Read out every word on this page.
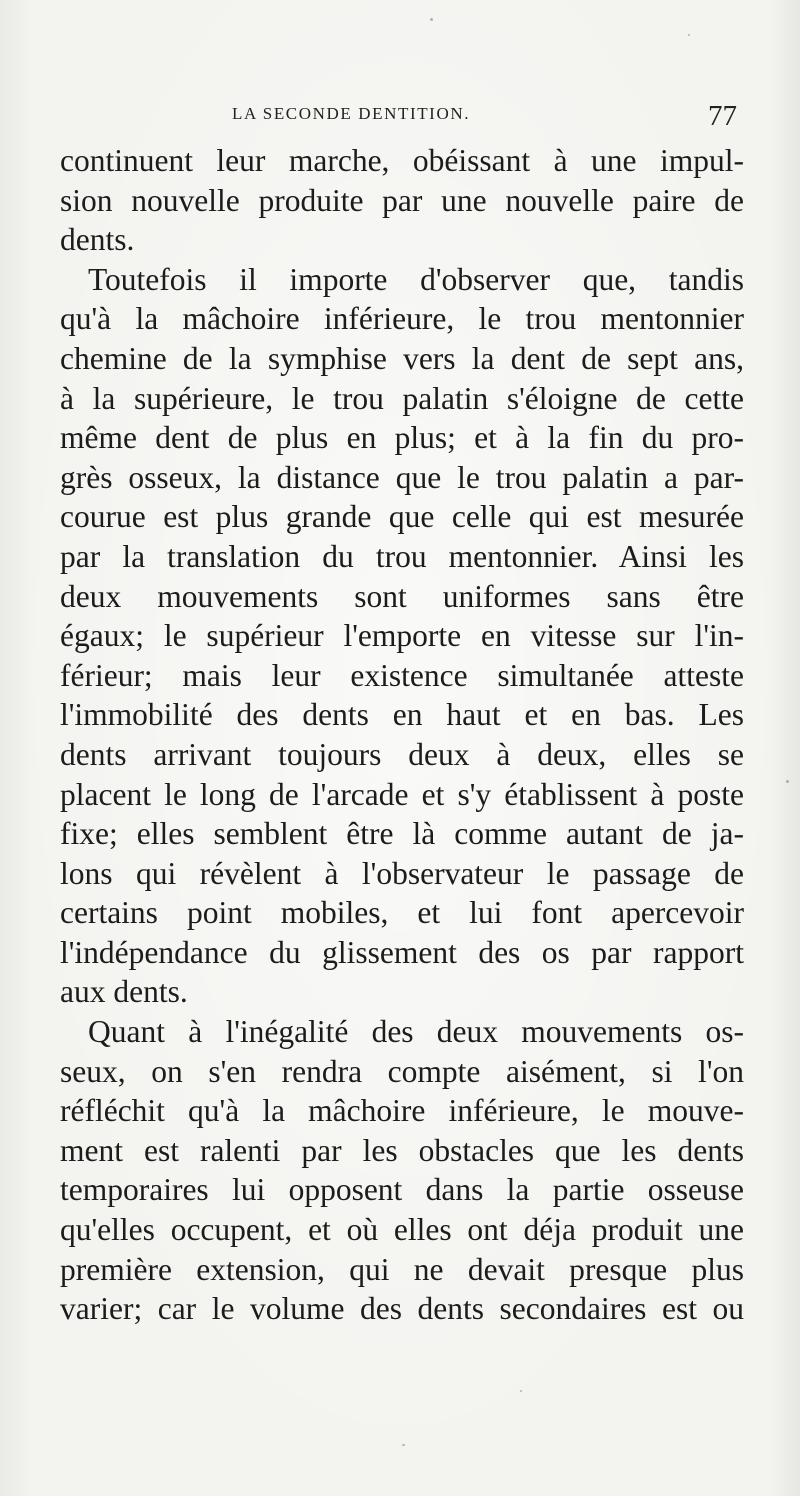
LA SECONDE DENTITION.	77
continuent leur marche, obéissant à une impul-
sion nouvelle produite par une nouvelle paire de
dents.
Toutefois il importe d'observer que, tandis
qu'à la mâchoire inférieure, le trou mentonnier
chemine de la symphise vers la dent de sept ans,
à la supérieure, le trou palatin s'éloigne de cette
même dent de plus en plus; et à la fin du pro-
grès osseux, la distance que le trou palatin a par-
courue est plus grande que celle qui est mesurée
par la translation du trou mentonnier. Ainsi les
deux mouvements sont uniformes sans être
égaux; le supérieur l'emporte en vitesse sur l'in-
férieur; mais leur existence simultanée atteste
l'immobilité des dents en haut et en bas. Les
dents arrivant toujours deux à deux, elles se
placent le long de l'arcade et s'y établissent à poste
fixe; elles semblent être là comme autant de ja-
lons qui révèlent à l'observateur le passage de
certains point mobiles, et lui font apercevoir
l'indépendance du glissement des os par rapport
aux dents.
Quant à l'inégalité des deux mouvements os-
seux, on s'en rendra compte aisément, si l'on
réfléchit qu'à la mâchoire inférieure, le mouve-
ment est ralenti par les obstacles que les dents
temporaires lui opposent dans la partie osseuse
qu'elles occupent, et où elles ont déja produit une
première extension, qui ne devait presque plus
varier; car le volume des dents secondaires est ou
